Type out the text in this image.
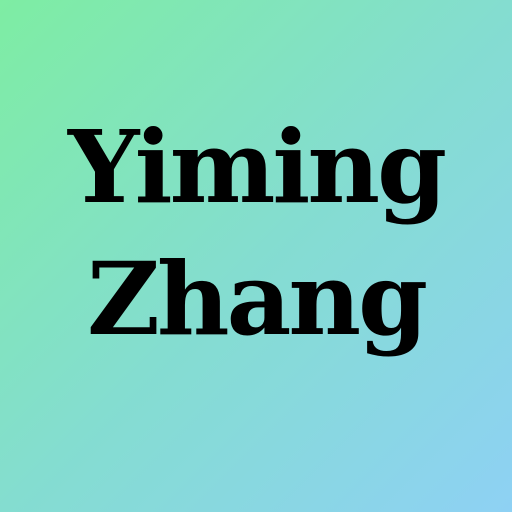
Yiming
Zhang
